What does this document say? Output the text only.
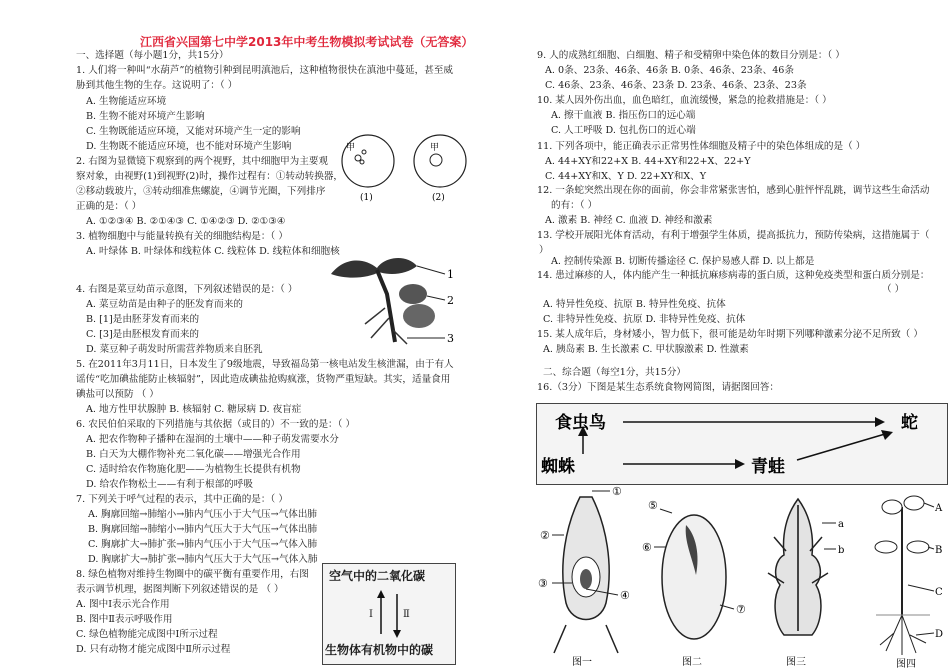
江西省兴国第七中学2013年中考生物模拟考试试卷（无答案）
一、选择题（每小题1分，共15分）
1. 人们将一种叫“水葫芦”的植物引种到昆明滇池后，这种植物很快在滇池中蔓延，甚至威
胁到其他生物的生存。这说明了：（ ）
A. 生物能适应环境
B. 生物不能对环境产生影响
C. 生物既能适应环境，又能对环境产生一定的影响
D. 生物既不能适应环境，也不能对环境产生影响
2. 右图为显微镜下观察到的两个视野，其中细胞甲为主要观
察对象，由视野(1)到视野(2)时，操作过程有：①转动转换器，
②移动载玻片，③转动细准焦螺旋，④调节光圈，下列排序
正确的是：（ ）
A. ①②③④ B. ②①④③ C. ①④②③ D. ②①③④
3. 植物细胞中与能量转换有关的细胞结构是：（ ）
A. 叶绿体 B. 叶绿体和线粒体 C. 线粒体 D. 线粒体和细胞核
4. 右图是菜豆幼苗示意图，下列叙述错误的是：（ ）
A. 菜豆幼苗是由种子的胚发育而来的
B. [1]是由胚芽发育而来的
C. [3]是由胚根发育而来的
D. 菜豆种子萌发时所需营养物质来自胚乳
5. 在2011年3月11日，日本发生了9级地震，导致福岛第一核电站发生核泄漏，由于有人
谣传“吃加碘盐能防止核辐射”，因此造成碘盐抢购疯涨，货物严重短缺。其实，适量食用
碘盐可以预防 （ ）
A. 地方性甲状腺肿 B. 核辐射 C. 糖尿病 D. 夜盲症
6. 农民伯伯采取的下列措施与其依据（或目的）不一致的是：（ ）
A. 把农作物种子播种在湿润的土壤中——种子萌发需要水分
B. 白天为大棚作物补充二氧化碳——增强光合作用
C. 适时给农作物施化肥——为植物生长提供有机物
D. 给农作物松土——有利于根部的呼吸
7. 下列关于呼气过程的表示，其中正确的是：（ ）
A. 胸廓回缩→肺缩小→肺内气压小于大气压→气体出肺
B. 胸廓回缩→肺缩小→肺内气压大于大气压→气体出肺
C. 胸廓扩大→肺扩张→肺内气压小于大气压→气体入肺
D. 胸廓扩大→肺扩张→肺内气压大于大气压→气体入肺
8. 绿色植物对维持生物圈中的碳平衡有重要作用，右图
表示调节机理，据图判断下列叙述错误的是 （ ）
A. 图中Ⅰ表示光合作用
B. 图中Ⅱ表示呼吸作用
C. 绿色植物能完成图中Ⅰ所示过程
D. 只有动物才能完成图中Ⅱ所示过程
甲	甲
(1)	(2)
1
2
3
空气中的二氧化碳
Ⅰ	Ⅱ
生物体有机物中的碳
9. 人的成熟红细胞、白细胞、精子和受精卵中染色体的数目分别是：（ ）
A. 0条、23条、46条、46条 B. 0条、46条、23条、46条
C. 46条、23条、46条、23条 D. 23条、46条、23条、23条
10. 某人因外伤出血，血色暗红，血流缓慢，紧急的抢救措施是：（ ）
A. 擦干血液 B. 指压伤口的远心端
C. 人工呼吸 D. 包扎伤口的近心端
11. 下列各项中，能正确表示正常男性体细胞及精子中的染色体组成的是（ ）
A. 44+XY和22+X B. 44+XY和22+X、22+Y
C. 44+XY和X、Y D. 22+XY和X、Y
12. 一条蛇突然出现在你的面前，你会非常紧张害怕，感到心脏怦怦乱跳，调节这些生命活动
的有：（ ）
A. 激素 B. 神经 C. 血液 D. 神经和激素
13. 学校开展阳光体育活动，有利于增强学生体质，提高抵抗力，预防传染病，这措施属于（
）
A. 控制传染源 B. 切断传播途径 C. 保护易感人群 D. 以上都是
14. 患过麻疹的人，体内能产生一种抵抗麻疹病毒的蛋白质，这种免疫类型和蛋白质分别是：
（ ）
A. 特异性免疫、抗原 B. 特异性免疫、抗体
C. 非特异性免疫、抗原 D. 非特异性免疫、抗体
15. 某人成年后，身材矮小，智力低下，很可能是幼年时期下列哪种激素分泌不足所致（ ）
A. 胰岛素 B. 生长激素 C. 甲状腺激素 D. 性激素
二、综合题（每空1分，共15分）
16.（3分）下图是某生态系统食物网简图，请据图回答：
食虫鸟	蛇
蜘蛛	青蛙
①
②
③
④
图一
⑤
⑥
⑦
图二
a
b
图三
A
B
C
D
图四
